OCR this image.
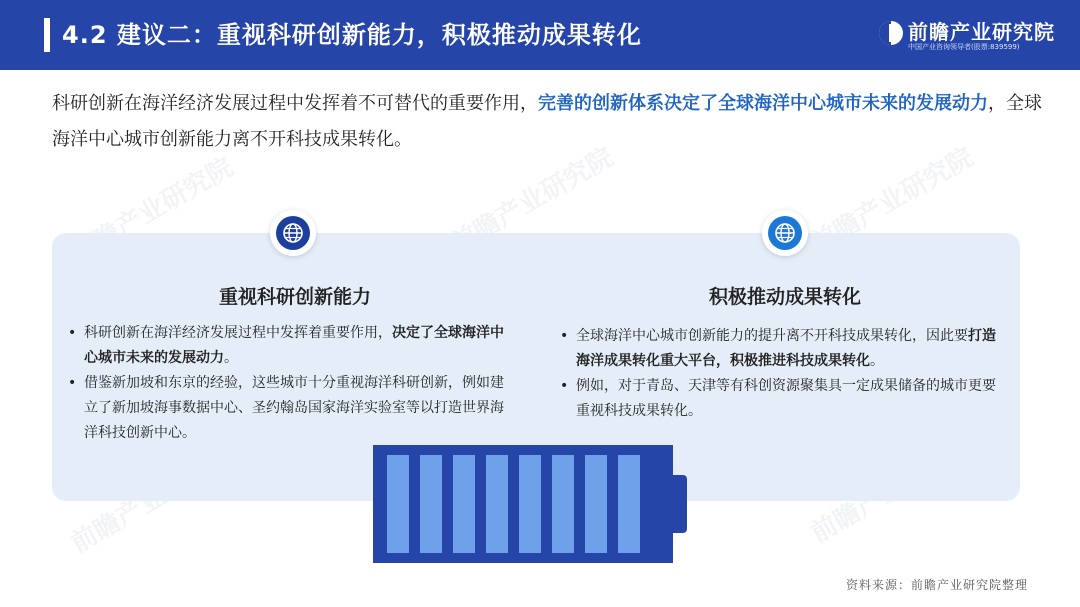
前瞻产业研究院	前瞻产业研究院	前瞻产业研究院
4.2 建议二：重视科研创新能力，积极推动成果转化	前瞻产业研究院
中国产业咨询领导者(股票:839599)
科研创新在海洋经济发展过程中发挥着不可替代的重要作用，完善的创新体系决定了全球海洋中心城市未来的发展动力，全球海洋中心城市创新能力离不开科技成果转化。
重视科研创新能力	积极推动成果转化
• 科研创新在海洋经济发展过程中发挥着重要作用，决定了全球海洋中心城市未来的发展动力。
• 借鉴新加坡和东京的经验，这些城市十分重视海洋科研创新，例如建立了新加坡海事数据中心、圣约翰岛国家海洋实验室等以打造世界海洋科技创新中心。
• 全球海洋中心城市创新能力的提升离不开科技成果转化，因此要打造海洋成果转化重大平台，积极推进科技成果转化。
• 例如，对于青岛、天津等有科创资源聚集具一定成果储备的城市更要重视科技成果转化。
资料来源：前瞻产业研究院整理
